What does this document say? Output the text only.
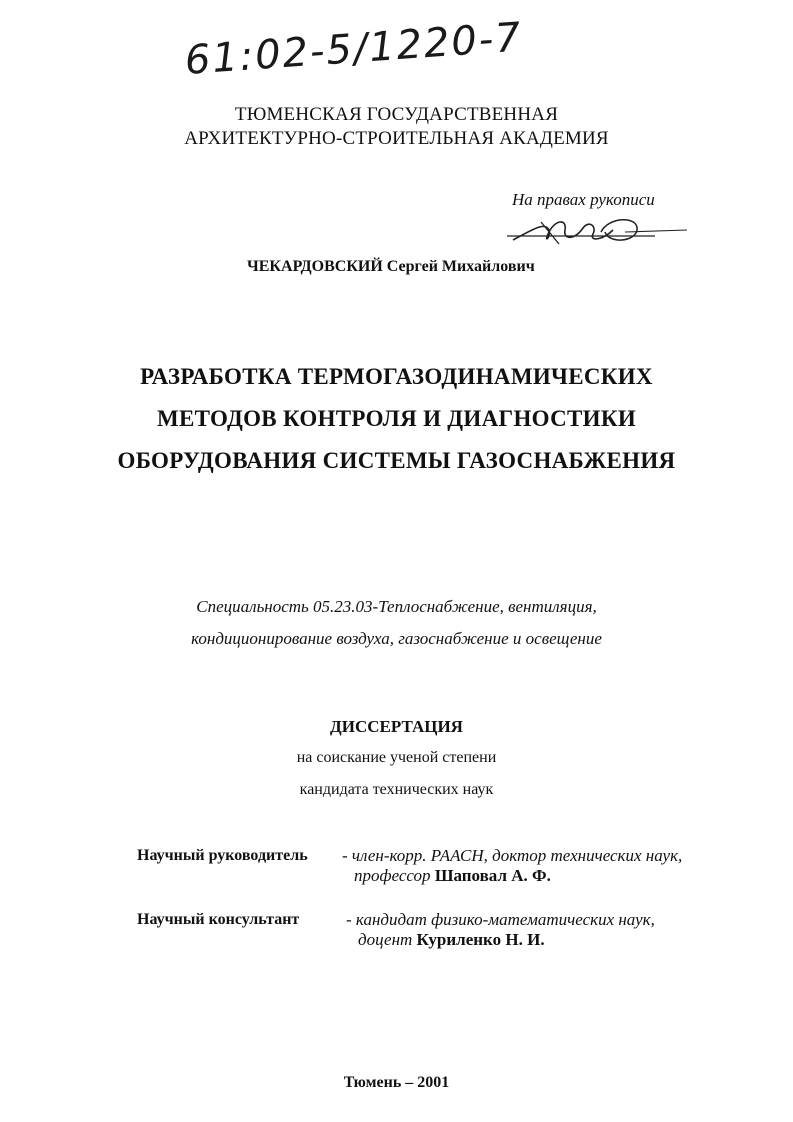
61:02-5/1220-7
ТЮМЕНСКАЯ ГОСУДАРСТВЕННАЯ
АРХИТЕКТУРНО-СТРОИТЕЛЬНАЯ АКАДЕМИЯ
На правах рукописи
ЧЕКАРДОВСКИЙ Сергей Михайлович
РАЗРАБОТКА ТЕРМОГАЗОДИНАМИЧЕСКИХ
МЕТОДОВ КОНТРОЛЯ И ДИАГНОСТИКИ
ОБОРУДОВАНИЯ СИСТЕМЫ ГАЗОСНАБЖЕНИЯ
Специальность 05.23.03-Теплоснабжение, вентиляция,
кондиционирование воздуха, газоснабжение и освещение
ДИССЕРТАЦИЯ
на соискание ученой степени
кандидата технических наук
Научный руководитель - член-корр. РААСН, доктор технических наук,
профессор Шаповал А. Ф.
Научный консультант	- кандидат физико-математических наук,
доцент Куриленко Н. И.
Тюмень – 2001
